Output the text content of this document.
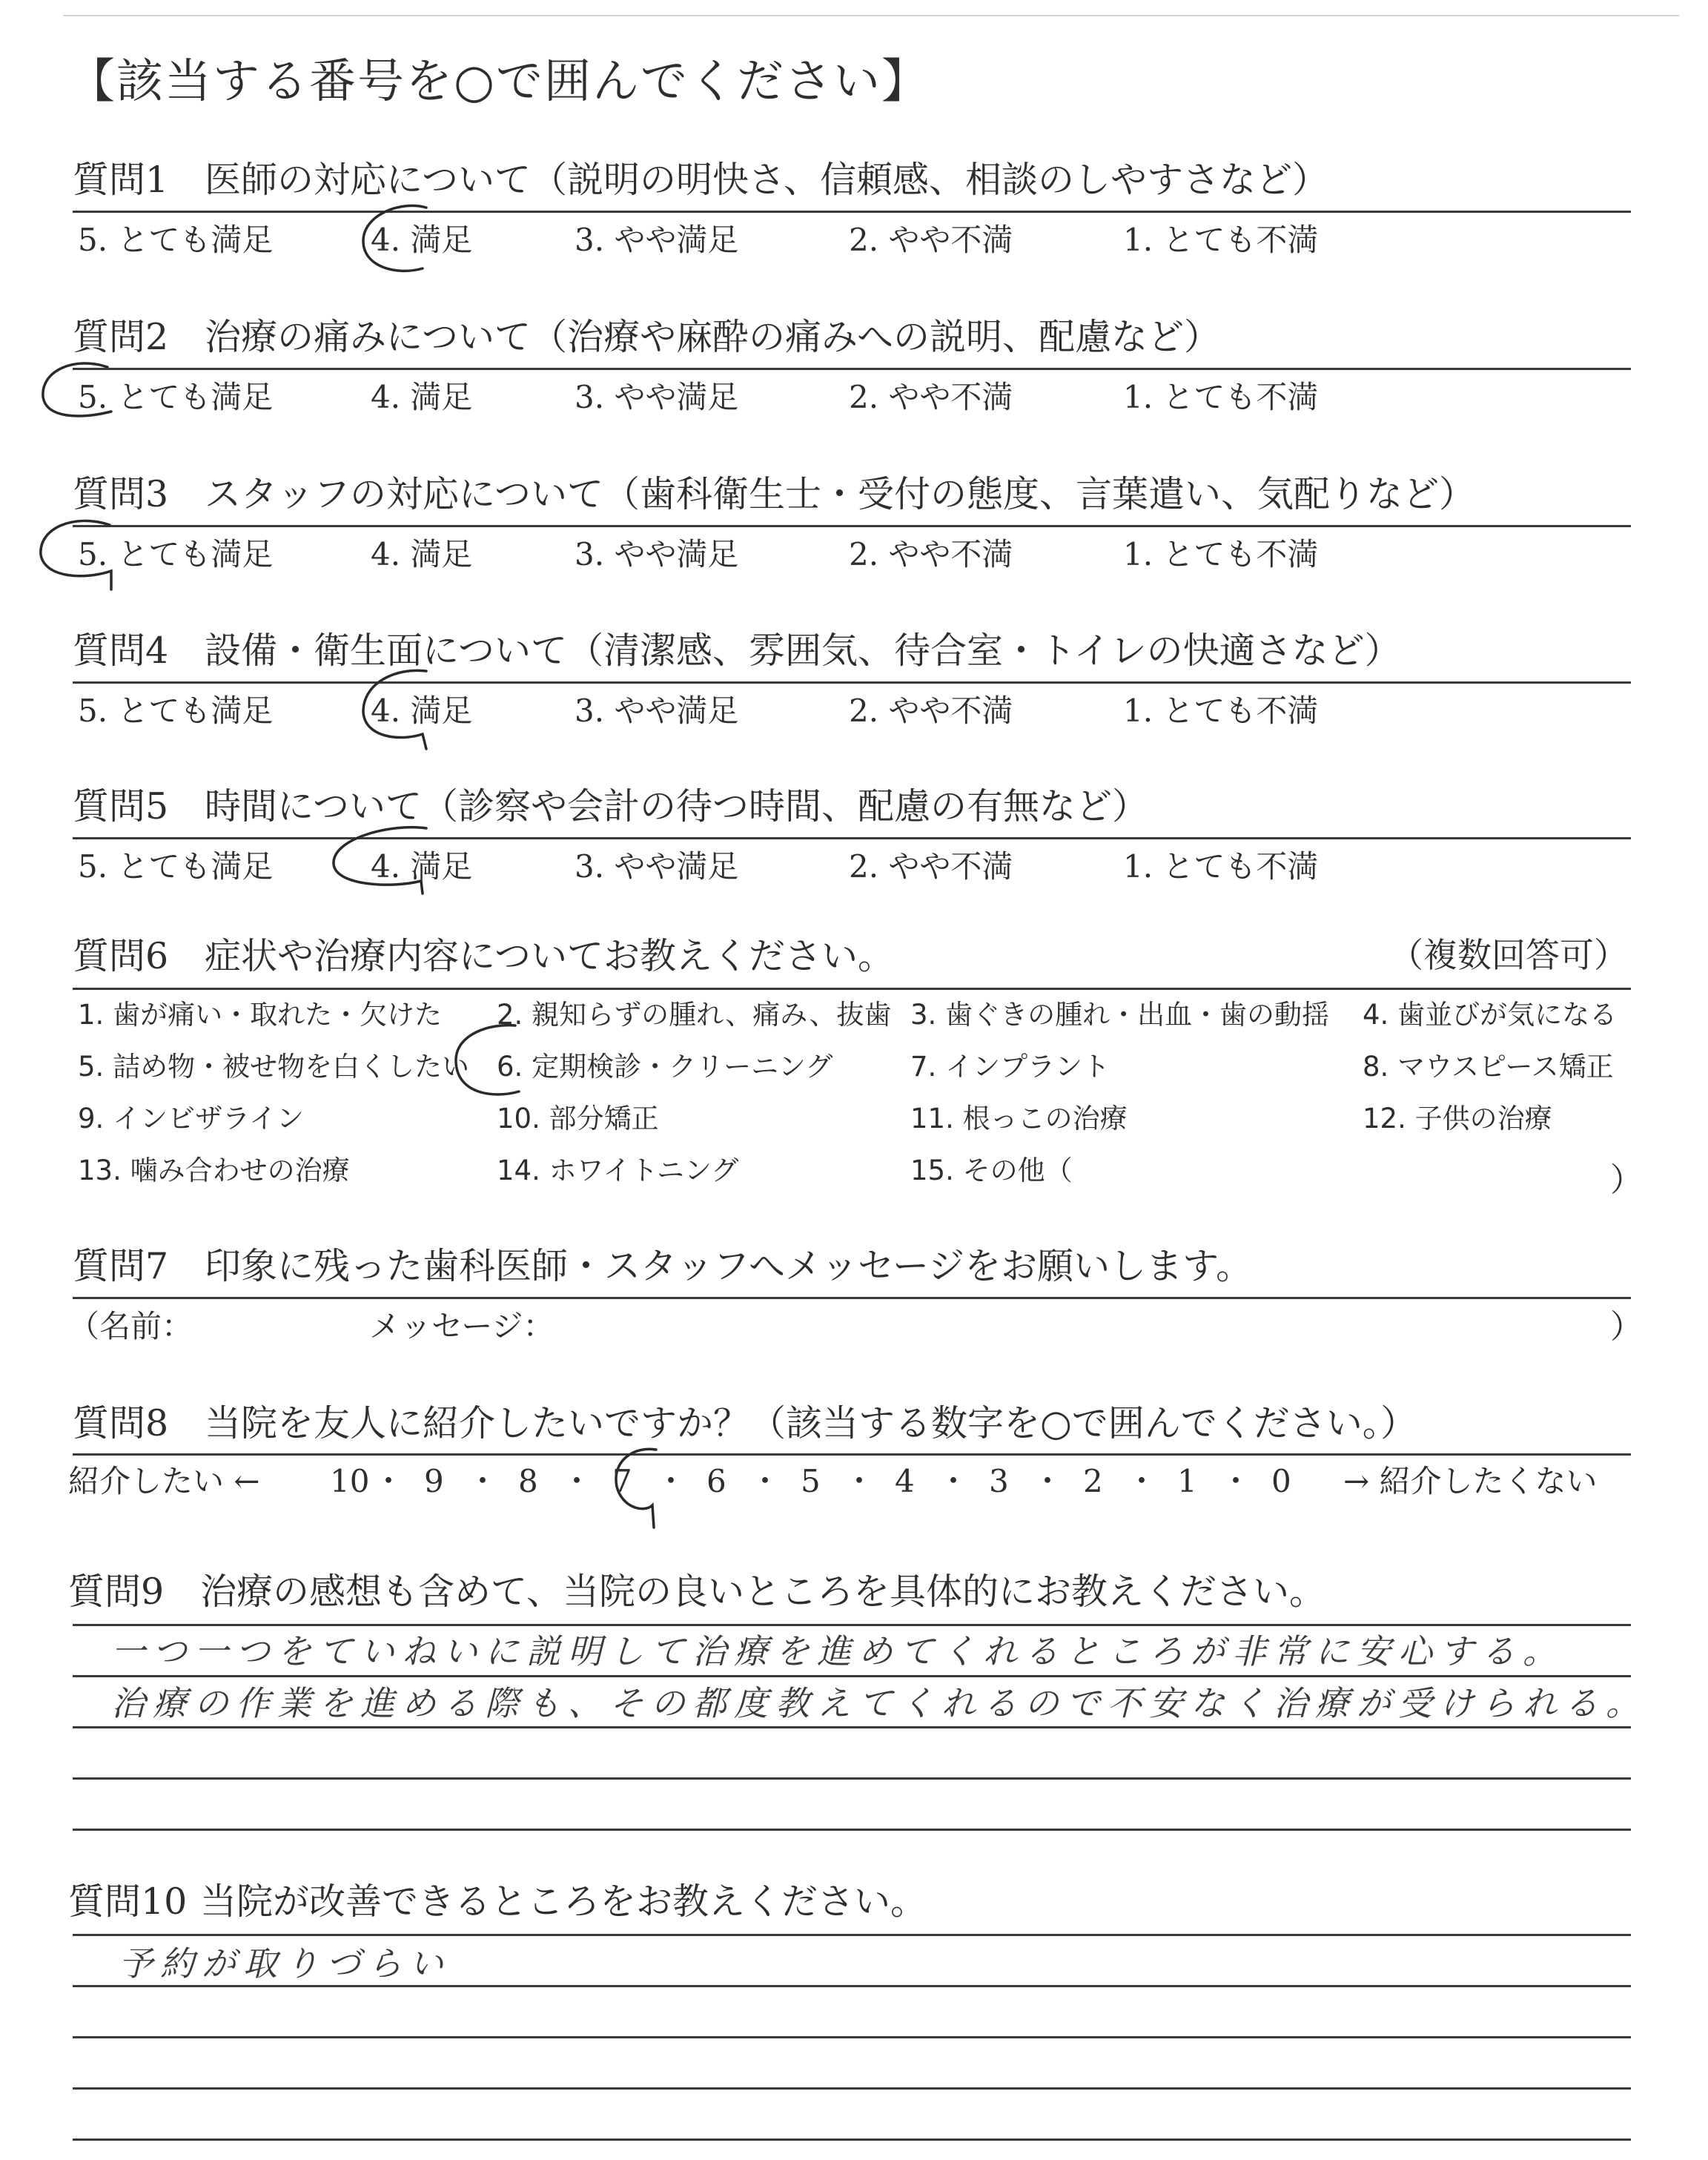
【該当する番号を○で囲んでください】
質問1 医師の対応について（説明の明快さ、信頼感、相談のしやすさなど）
5. とても満足	4. 満足	3. やや満足	2. やや不満	1. とても不満
質問2 治療の痛みについて（治療や麻酔の痛みへの説明、配慮など）
5. とても満足	4. 満足	3. やや満足	2. やや不満	1. とても不満
質問3 スタッフの対応について（歯科衛生士・受付の態度、言葉遣い、気配りなど）
5. とても満足	4. 満足	3. やや満足	2. やや不満	1. とても不満
質問4 設備・衛生面について（清潔感、雰囲気、待合室・トイレの快適さなど）
5. とても満足	4. 満足	3. やや満足	2. やや不満	1. とても不満
質問5 時間について（診察や会計の待つ時間、配慮の有無など）
5. とても満足	4. 満足	3. やや満足	2. やや不満	1. とても不満
質問6 症状や治療内容についてお教えください。	（複数回答可）
1. 歯が痛い・取れた・欠けた 2. 親知らずの腫れ、痛み、抜歯 3. 歯ぐきの腫れ・出血・歯の動揺 4. 歯並びが気になる
5. 詰め物・被せ物を白くしたい 6. 定期検診・クリーニング	7. インプラント	8. マウスピース矯正
9. インビザライン	10. 部分矯正	11. 根っこの治療	12. 子供の治療
13. 噛み合わせの治療	14. ホワイトニング	15. その他（	）
質問7 印象に残った歯科医師・スタッフへメッセージをお願いします。
（名前：	メッセージ：	）
質問8 当院を友人に紹介したいですか？（該当する数字を○で囲んでください。）
紹介したい ←	→ 紹介したくない
質問9 治療の感想も含めて、当院の良いところを具体的にお教えください。
一つ一つをていねいに説明して治療を進めてくれるところが非常に安心する。
治療の作業を進める際も、その都度教えてくれるので不安なく治療が受けられる。
質問10 当院が改善できるところをお教えください。
予約が取りづらい
10 ・ 9 ・ 8 ・ 7 ・ 6 ・ 5 ・ 4 ・ 3 ・ 2 ・ 1 ・ 0
